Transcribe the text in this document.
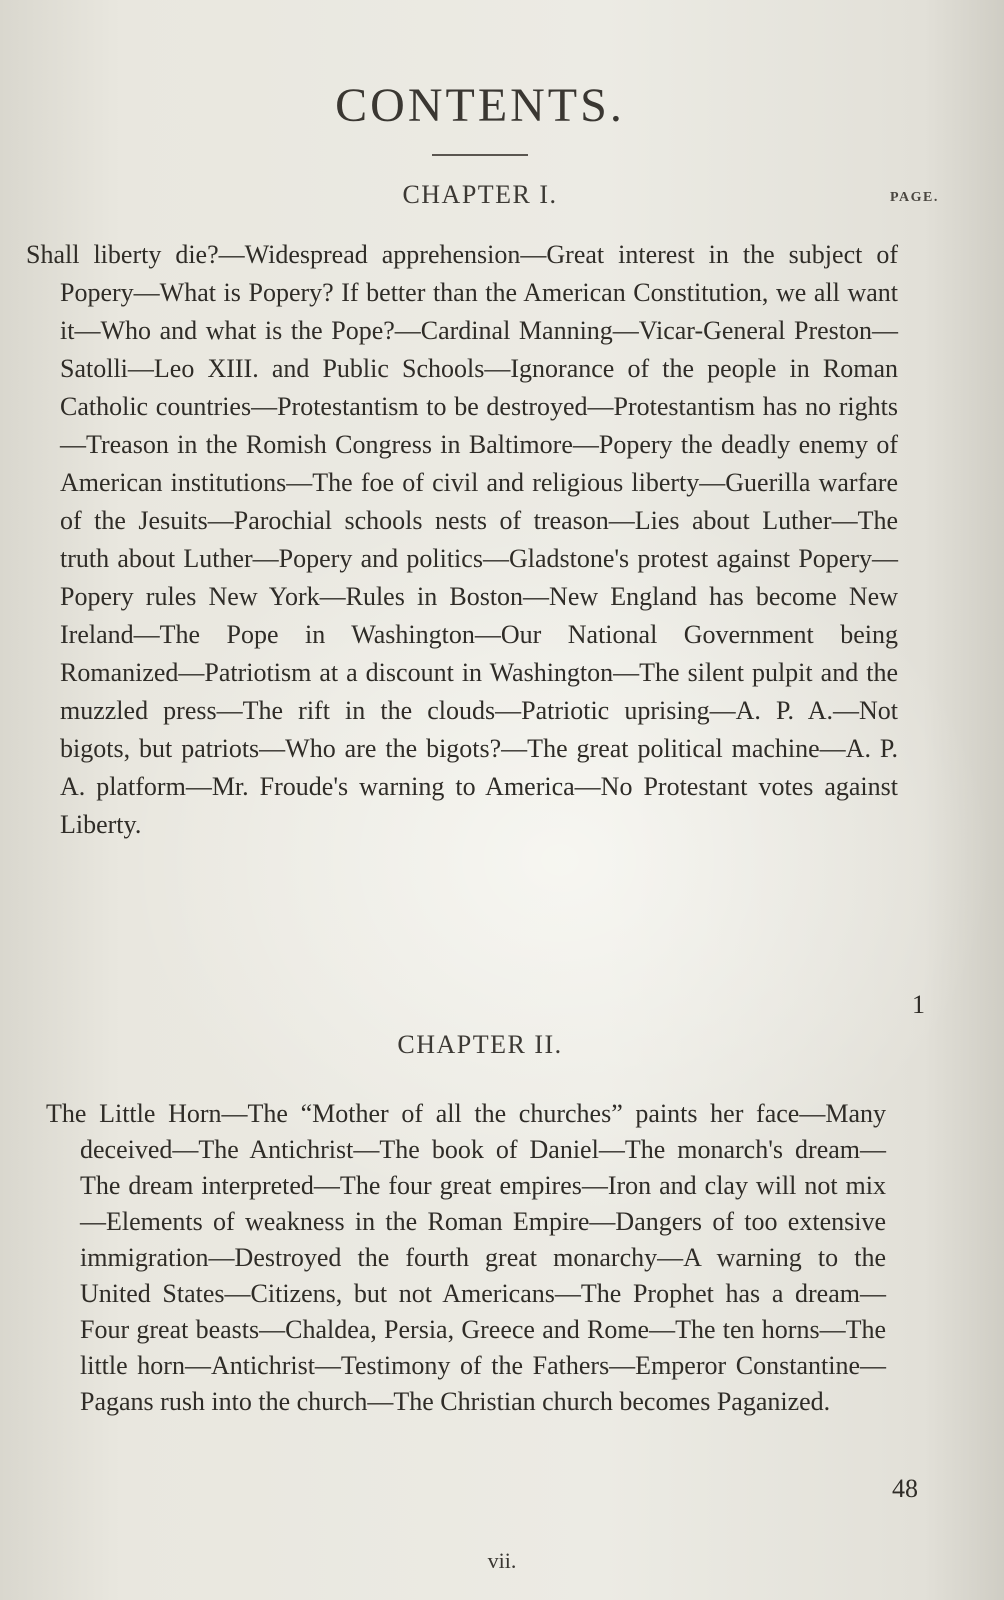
CONTENTS.
CHAPTER I.	PAGE.
Shall liberty die?—Widespread apprehension—Great interest in the subject of Popery—What is Popery? If better than the American Constitution, we all want it—Who and what is the Pope?—Cardinal Manning—Vicar-General Preston—Satolli—Leo XIII. and Public Schools—Ignorance of the people in Roman Catholic countries—Protestantism to be destroyed—Protestantism has no rights—Treason in the Romish Congress in Baltimore—Popery the deadly enemy of American institutions—The foe of civil and religious liberty—Guerilla warfare of the Jesuits—Parochial schools nests of treason—Lies about Luther—The truth about Luther—Popery and politics—Gladstone's protest against Popery—Popery rules New York—Rules in Boston—New England has become New Ireland—The Pope in Washington—Our National Government being Romanized—Patriotism at a discount in Washington—The silent pulpit and the muzzled press—The rift in the clouds—Patriotic uprising—A. P. A.—Not bigots, but patriots—Who are the bigots?—The great political machine—A. P. A. platform—Mr. Froude's warning to America—No Protestant votes against Liberty.
1
CHAPTER II.
The Little Horn—The “Mother of all the churches” paints her face—Many deceived—The Antichrist—The book of Daniel—The monarch's dream—The dream interpreted—The four great empires—Iron and clay will not mix—Elements of weakness in the Roman Empire—Dangers of too extensive immigration—Destroyed the fourth great monarchy—A warning to the United States—Citizens, but not Americans—The Prophet has a dream—Four great beasts—Chaldea, Persia, Greece and Rome—The ten horns—The little horn—Antichrist—Testimony of the Fathers—Emperor Constantine—Pagans rush into the church—The Christian church becomes Paganized.
48
vii.
